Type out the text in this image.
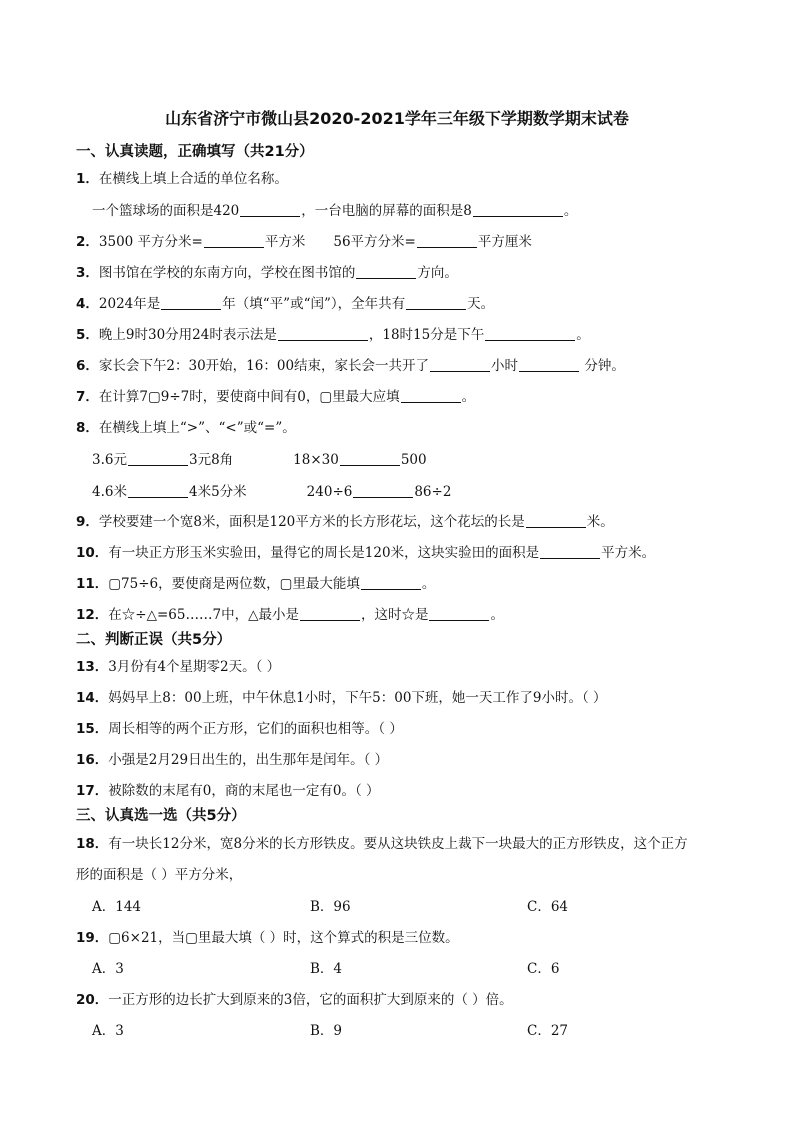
山东省济宁市微山县2020-2021学年三年级下学期数学期末试卷
一、认真读题，正确填写（共21分）
1．在横线上填上合适的单位名称。
一个篮球场的面积是420	，一台电脑的屏幕的面积是8	。
2．3500 平方分米=	平方米 56平方分米=	平方厘米
3．图书馆在学校的东南方向，学校在图书馆的	方向。
4．2024年是	年（填“平”或“闰”），全年共有	天。
5．晚上9时30分用24时表示法是	，18时15分是下午	。
6．家长会下午2：30开始，16：00结束，家长会一共开了	小时	分钟。
7．在计算7▢9÷7时，要使商中间有0，▢里最大应填	。
8．在横线上填上“>”、“<”或“=”。
3.6元	3元8角	18×30	500
4.6米	4米5分米	240÷6	86÷2
9．学校要建一个宽8米，面积是120平方米的长方形花坛，这个花坛的长是	米。
10．有一块正方形玉米实验田，量得它的周长是120米，这块实验田的面积是	平方米。
11．▢75÷6，要使商是两位数，▢里最大能填	。
12．在☆÷△=65……7中，△最小是	，这时☆是	。
二、判断正误（共5分）
13．3月份有4个星期零2天。（ ）
14．妈妈早上8：00上班，中午休息1小时，下午5：00下班，她一天工作了9小时。（ ）
15．周长相等的两个正方形，它们的面积也相等。（ ）
16．小强是2月29日出生的，出生那年是闰年。（ ）
17．被除数的末尾有0，商的末尾也一定有0。（ ）
三、认真选一选（共5分）
18．有一块长12分米，宽8分米的长方形铁皮。要从这块铁皮上裁下一块最大的正方形铁皮，这个正方
形的面积是（ ）平方分米，
A．144	B．96	C．64
19．▢6×21，当▢里最大填（ ）时，这个算式的积是三位数。
A．3	B．4	C．6
20．一正方形的边长扩大到原来的3倍，它的面积扩大到原来的（ ）倍。
A．3	B．9	C．27
